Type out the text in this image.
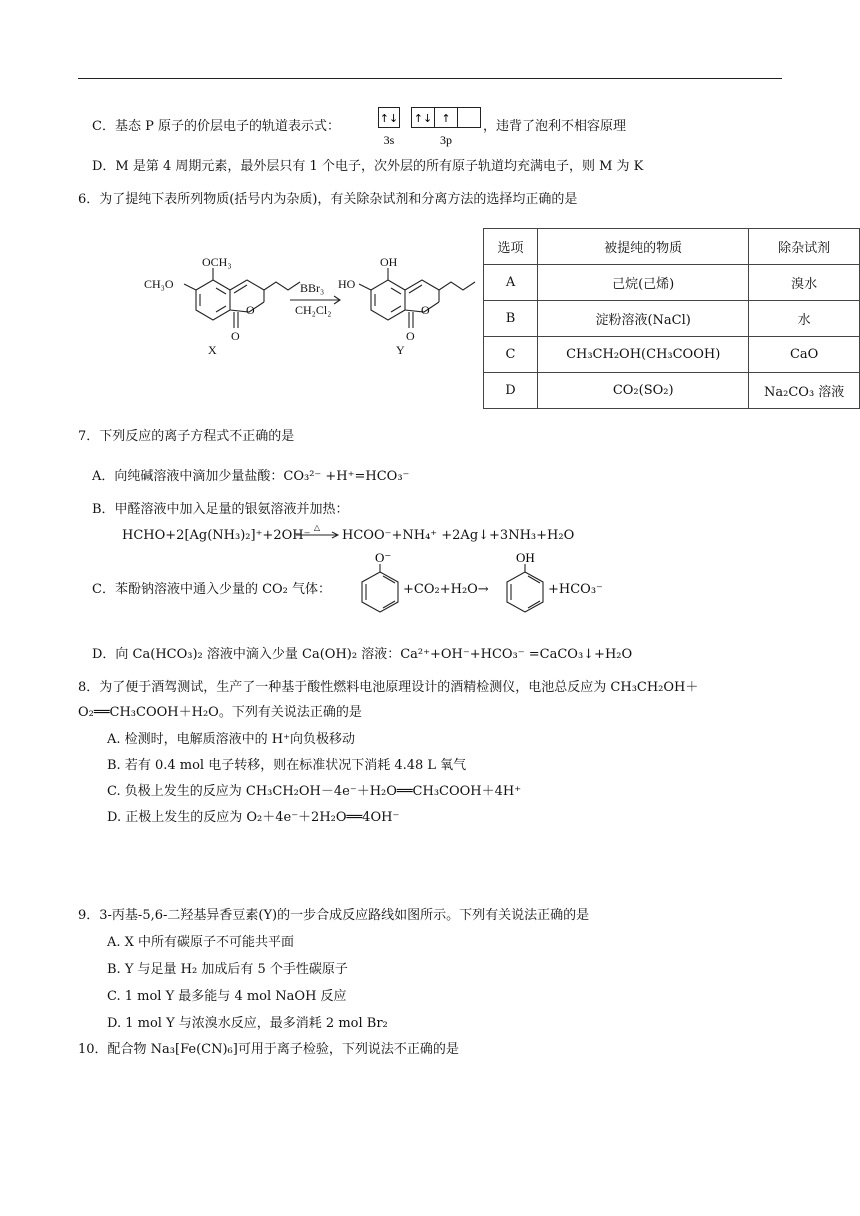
C．基态 P 原子的价层电子的轨道表示式：
↑↓ ↑↓ ↑
3s	3p
，违背了泡利不相容原理
D．M 是第 4 周期元素，最外层只有 1 个电子，次外层的所有原子轨道均充满电子，则 M 为 K
6．为了提纯下表所列物质(括号内为杂质)，有关除杂试剂和分离方法的选择均正确的是
OCH₃
CH₃O
O
O
X
BBr₃
CH₂Cl₂
OH
HO
O
O
Y
选项	被提纯的物质	除杂试剂
A	己烷(己烯)	溴水
B	淀粉溶液(NaCl)	水
C	CH₃CH₂OH(CH₃COOH)	CaO
D	CO₂(SO₂)	Na₂CO₃ 溶液
7．下列反应的离子方程式不正确的是
A．向纯碱溶液中滴加少量盐酸：CO₃²⁻ +H⁺=HCO₃⁻
B．甲醛溶液中加入足量的银氨溶液并加热：
HCHO+2[Ag(NH₃)₂]⁺+2OH⁻
△
HCOO⁻+NH₄⁺ +2Ag↓+3NH₃+H₂O
C．苯酚钠溶液中通入少量的 CO₂ 气体：
O⁻
+CO₂+H₂O→
OH
+HCO₃⁻
D．向 Ca(HCO₃)₂ 溶液中滴入少量 Ca(OH)₂ 溶液：Ca²⁺+OH⁻+HCO₃⁻ =CaCO₃↓+H₂O
8．为了便于酒驾测试，生产了一种基于酸性燃料电池原理设计的酒精检测仪，电池总反应为 CH₃CH₂OH＋
O₂══CH₃COOH＋H₂O。下列有关说法正确的是
A. 检测时，电解质溶液中的 H⁺向负极移动
B. 若有 0.4 mol 电子转移，则在标准状况下消耗 4.48 L 氧气
C. 负极上发生的反应为 CH₃CH₂OH－4e⁻＋H₂O══CH₃COOH＋4H⁺
D. 正极上发生的反应为 O₂＋4e⁻＋2H₂O══4OH⁻
9．3-丙基-5,6-二羟基异香豆素(Y)的一步合成反应路线如图所示。下列有关说法正确的是
A. X 中所有碳原子不可能共平面
B. Y 与足量 H₂ 加成后有 5 个手性碳原子
C. 1 mol Y 最多能与 4 mol NaOH 反应
D. 1 mol Y 与浓溴水反应，最多消耗 2 mol Br₂
10．配合物 Na₃[Fe(CN)₆]可用于离子检验，下列说法不正确的是
